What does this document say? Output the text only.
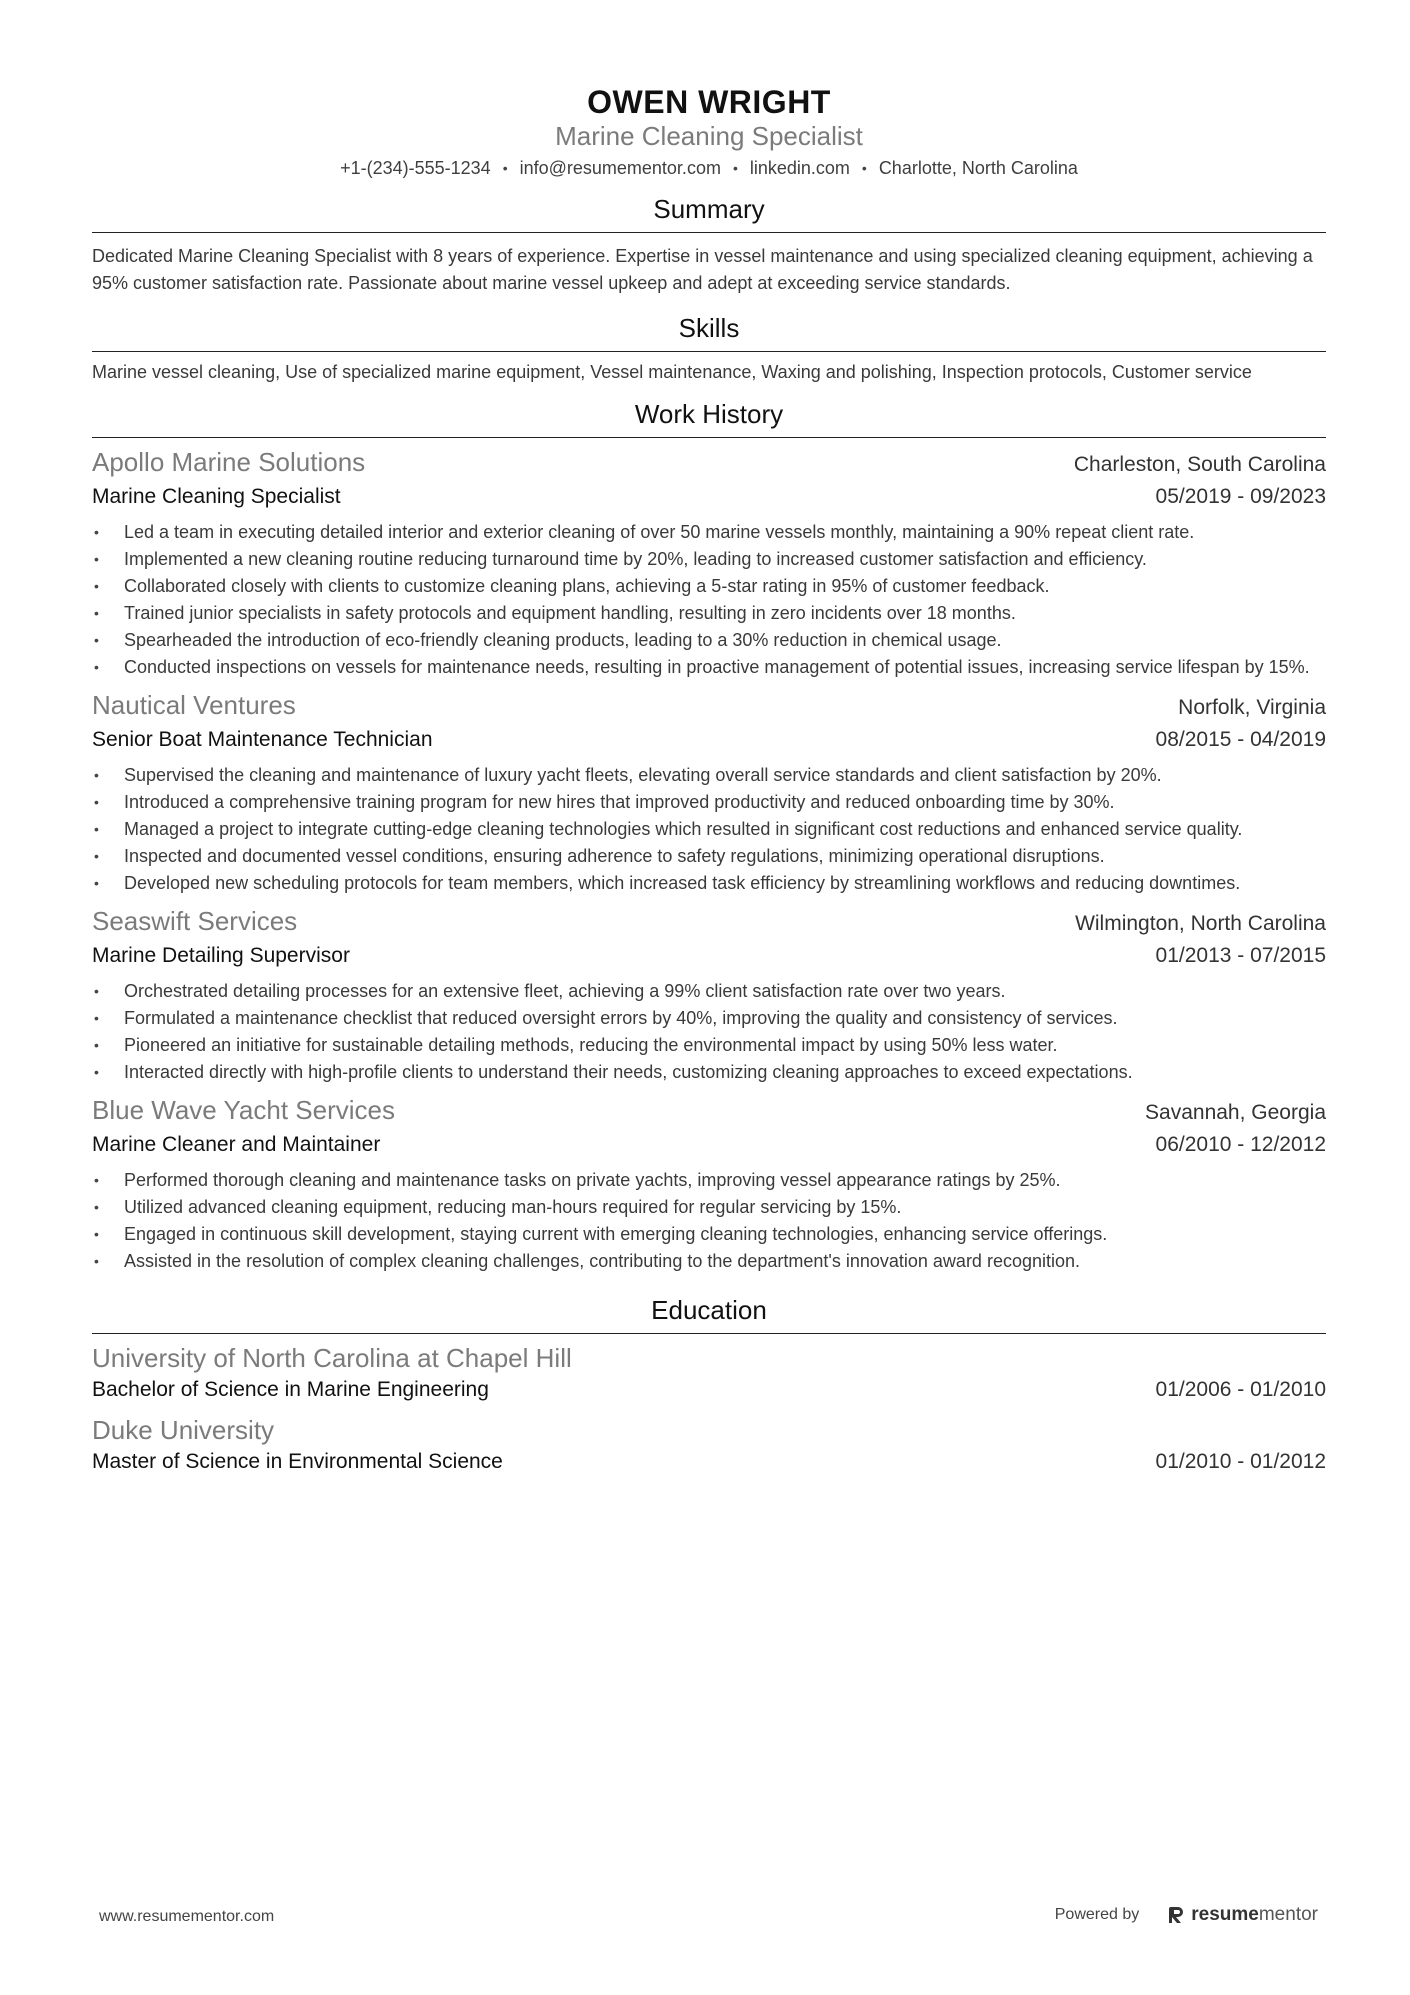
OWEN WRIGHT
Marine Cleaning Specialist
+1-(234)-555-1234 • info@resumementor.com • linkedin.com • Charlotte, North Carolina
Summary
Dedicated Marine Cleaning Specialist with 8 years of experience. Expertise in vessel maintenance and using specialized cleaning equipment, achieving a 95% customer satisfaction rate. Passionate about marine vessel upkeep and adept at exceeding service standards.
Skills
Marine vessel cleaning, Use of specialized marine equipment, Vessel maintenance, Waxing and polishing, Inspection protocols, Customer service
Work History
Apollo Marine Solutions	Charleston, South Carolina
Marine Cleaning Specialist	05/2019 - 09/2023
• Led a team in executing detailed interior and exterior cleaning of over 50 marine vessels monthly, maintaining a 90% repeat client rate.
• Implemented a new cleaning routine reducing turnaround time by 20%, leading to increased customer satisfaction and efficiency.
• Collaborated closely with clients to customize cleaning plans, achieving a 5-star rating in 95% of customer feedback.
• Trained junior specialists in safety protocols and equipment handling, resulting in zero incidents over 18 months.
• Spearheaded the introduction of eco-friendly cleaning products, leading to a 30% reduction in chemical usage.
• Conducted inspections on vessels for maintenance needs, resulting in proactive management of potential issues, increasing service lifespan by 15%.
Nautical Ventures	Norfolk, Virginia
Senior Boat Maintenance Technician	08/2015 - 04/2019
• Supervised the cleaning and maintenance of luxury yacht fleets, elevating overall service standards and client satisfaction by 20%.
• Introduced a comprehensive training program for new hires that improved productivity and reduced onboarding time by 30%.
• Managed a project to integrate cutting-edge cleaning technologies which resulted in significant cost reductions and enhanced service quality.
• Inspected and documented vessel conditions, ensuring adherence to safety regulations, minimizing operational disruptions.
• Developed new scheduling protocols for team members, which increased task efficiency by streamlining workflows and reducing downtimes.
Seaswift Services	Wilmington, North Carolina
Marine Detailing Supervisor	01/2013 - 07/2015
• Orchestrated detailing processes for an extensive fleet, achieving a 99% client satisfaction rate over two years.
• Formulated a maintenance checklist that reduced oversight errors by 40%, improving the quality and consistency of services.
• Pioneered an initiative for sustainable detailing methods, reducing the environmental impact by using 50% less water.
• Interacted directly with high-profile clients to understand their needs, customizing cleaning approaches to exceed expectations.
Blue Wave Yacht Services	Savannah, Georgia
Marine Cleaner and Maintainer	06/2010 - 12/2012
• Performed thorough cleaning and maintenance tasks on private yachts, improving vessel appearance ratings by 25%.
• Utilized advanced cleaning equipment, reducing man-hours required for regular servicing by 15%.
• Engaged in continuous skill development, staying current with emerging cleaning technologies, enhancing service offerings.
• Assisted in the resolution of complex cleaning challenges, contributing to the department's innovation award recognition.
Education
University of North Carolina at Chapel Hill
Bachelor of Science in Marine Engineering	01/2006 - 01/2010
Duke University
Master of Science in Environmental Science	01/2010 - 01/2012
www.resumementor.com	Powered by	resumementor
